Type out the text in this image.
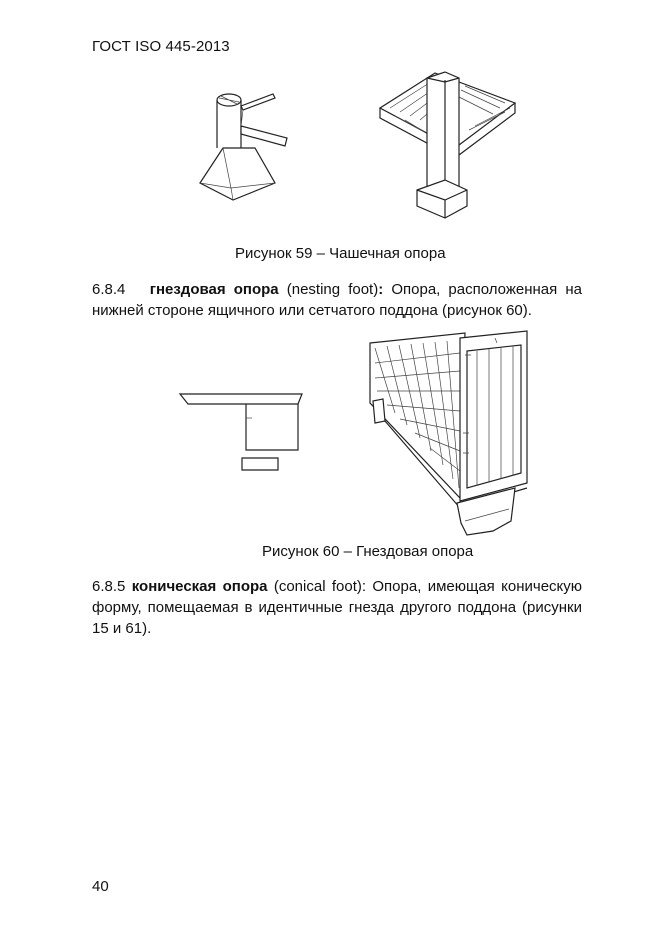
ГОСТ ISO 445-2013
Рисунок 59 – Чашечная опора
6.8.4 гнездовая опора (nesting foot): Опора, расположенная на нижней стороне ящичного или сетчатого поддона (рисунок 60).
Рисунок 60 – Гнездовая опора
6.8.5 коническая опора (conical foot): Опора, имеющая коническую форму, помещаемая в идентичные гнезда другого поддона (рисунки 15 и 61).
40
